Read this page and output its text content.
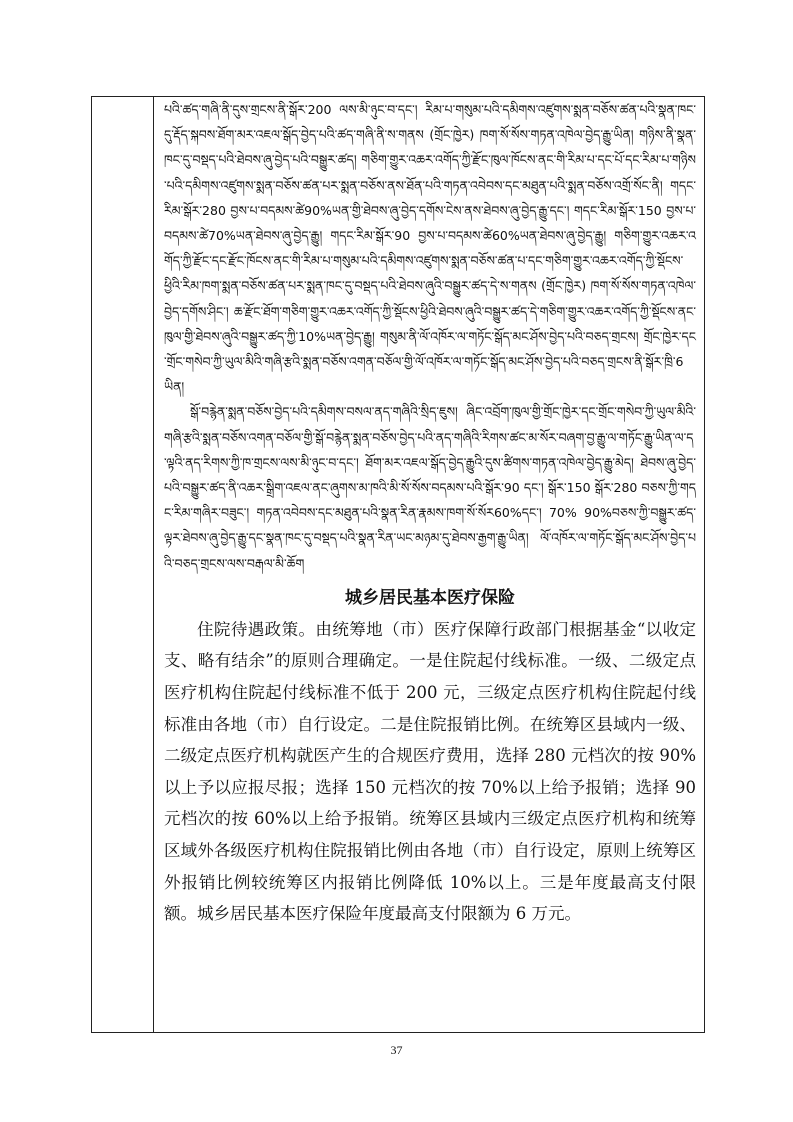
པའི་ཚད་གཞི་ནི་དུས་གྲངས་ནི་སྒོར་200 ལས་མི་ཉུང་བ་དང་། རིམ་པ་གསུམ་པའི་དམིགས་འཛུགས་སྨན་བཅོས་ཚན་པའི་སྣན་ཁང་དུ་རྡོད་སྐབས་ཐོག་མར་འཇལ་སྒོད་བྱེད་པའི་ཚད་གཞི་ནི་ས་གནས (གྲོང་ཁྱེར) ཁག་སོ་སོས་གཏན་འཁེལ་བྱེད་རྒྱུ་ཡིན། གཉིས་ནི་སྣན་ཁང་དུ་བསྡད་པའི་ཐེབས་ཞུ་བྱེད་པའི་བསྒྱུར་ཚད། གཅིག་གྱུར་འཆར་འགོད་ཀྱི་རྫོང་ཁུལ་ཁོངས་ནང་གི་རིམ་པ་དང་པོ་དང་རིམ་པ་གཉིས་པའི་དམིགས་འཛུགས་སྨན་བཅོས་ཚན་པར་སྨན་བཅོས་ནས་ཐོན་པའི་གཏན་འབེབས་དང་མཐུན་པའི་སྨན་བཅོས་འགྲོ་སོང་ནི། གདང་རིམ་སྒོར་280 བྱས་པ་བདམས་ཚེ90%ཡན་གྱི་ཐེབས་ཞུ་བྱེད་དགོས་ངེས་ནས་ཐེབས་ཞུ་བྱེད་རྒྱུ་དང་། གདང་རིམ་སྒོར་150 བྱས་པ་བདམས་ཚེ70%ཡན་ཐེབས་ཞུ་བྱེད་རྒྱུ། གདང་རིམ་སྒོར་90 བྱས་པ་བདམས་ཚེ60%ཡན་ཐེབས་ཞུ་བྱེད་རྒྱུ། གཅིག་གྱུར་འཆར་འགོད་ཀྱི་རྫོང་དང་རྫོང་ཁོངས་ནང་གི་རིམ་པ་གསུམ་པའི་དམིགས་འཛུགས་སྨན་བཅོས་ཚན་པ་དང་གཅིག་གྱུར་འཆར་འགོད་ཀྱི་སྡོངས་ཕྱིའི་རིམ་ཁག་སྨན་བཅོས་ཚན་པར་སྨན་ཁང་དུ་བསྡད་པའི་ཐེབས་ཞུའི་བསྒྱུར་ཚད་དེ་ས་གནས (གྲོང་ཁྱེར) ཁག་སོ་སོས་གཏན་འཁེལ་བྱེད་དགོས་ཤིང་། ཆ་རྫོང་ཐོག་གཅིག་གྱུར་འཆར་འགོད་ཀྱི་སྡོངས་ཕྱིའི་ཐེབས་ཞུའི་བསྒྱུར་ཚད་དེ་གཅིག་གྱུར་འཆར་འགོད་ཀྱི་སྡོངས་ནང་ཁུལ་གྱི་ཐེབས་ཞུའི་བསྒྱུར་ཚད་ཀྱི་10%ཡན་བྱེད་རྒྱུ། གསུམ་ནི་ལོ་འཁོར་ལ་གཏོང་སྒོད་མང་ཤོས་བྱེད་པའི་བཅད་གྲངས། གྲོང་ཁྱེར་དང་གྲོང་གསེབ་ཀྱི་ཡུལ་མིའི་གཞི་རྩའི་སྨན་བཅོས་འགན་བཅོལ་གྱི་ལོ་འཁོར་ལ་གཏོང་སྒོད་མང་ཤོས་བྱེད་པའི་བཅད་གྲངས་ནི་སྒོར་ཁྲི་6 ཡིན།

སྒོ་བརྙེན་སྨན་བཅོས་བྱེད་པའི་དམིགས་བསལ་ནད་གཞིའི་སྲིད་ཇུས། ཞིང་འབྲོག་ཁུལ་གྱི་གྲོང་ཁྱེར་དང་གྲོང་གསེབ་ཀྱི་ཡུལ་མིའི་གཞི་རྩའི་སྨན་བཅོས་འགན་བཅོལ་གྱི་སྒོ་བརྙེན་སྨན་བཅོས་བྱེད་པའི་ནད་གཞིའི་རིགས་ཚང་མ་སོར་བཞག་བྱ་རྒྱུ་ལ་གཏོང་རྒྱུ་ཡིན་ལ་ད་ལྟའི་ནད་རིགས་ཀྱི་ཁ་གྲངས་ལས་མི་ཉུང་བ་དང་། ཐོག་མར་འཇལ་སྒོད་བྱེད་རྒྱུའི་དུས་ཚིགས་གཏན་འཁེལ་བྱེད་རྒྱུ་མེད། ཐེབས་ཞུ་བྱེད་པའི་བསྒྱུར་ཚད་ནི་འཆར་སྒྲིག་འཇལ་ནང་ཞུགས་མ་ཁའི་མི་སོ་སོས་བདམས་པའི་སྒོར་90 དང་། སྒོར་150 སྒོར་280 བཅས་ཀྱི་གདང་རིམ་གཞིར་བཟུང་། གཏན་འབེབས་དང་མཐུན་པའི་སྣན་རིན་རྣམས་ཁག་སོ་སོར60%དང་། 70% 90%བཅས་ཀྱི་བསྒྱུར་ཚད་ལྟར་ཐེབས་ཞུ་བྱེད་རྒྱུ་དང་སྣན་ཁང་དུ་བསྡད་པའི་སྣན་རིན་ཡང་མཉམ་དུ་ཐེབས་རྒྱག་རྒྱུ་ཡིན། ལོ་འཁོར་ལ་གཏོང་སྒོད་མང་ཤོས་བྱེད་པའི་བཅད་གྲངས་ལས་བརྒལ་མི་ཆོག

城乡居民基本医疗保险

住院待遇政策。由统筹地（市）医疗保障行政部门根据基金“以收定支、略有结余”的原则合理确定。一是住院起付线标准。一级、二级定点医疗机构住院起付线标准不低于 200 元，三级定点医疗机构住院起付线标准由各地（市）自行设定。二是住院报销比例。在统筹区县域内一级、二级定点医疗机构就医产生的合规医疗费用，选择 280 元档次的按 90%以上予以应报尽报；选择 150 元档次的按 70%以上给予报销；选择 90 元档次的按 60%以上给予报销。统筹区县域内三级定点医疗机构和统筹区域外各级医疗机构住院报销比例由各地（市）自行设定，原则上统筹区外报销比例较统筹区内报销比例降低 10%以上。三是年度最高支付限额。城乡居民基本医疗保险年度最高支付限额为 6 万元。

37
